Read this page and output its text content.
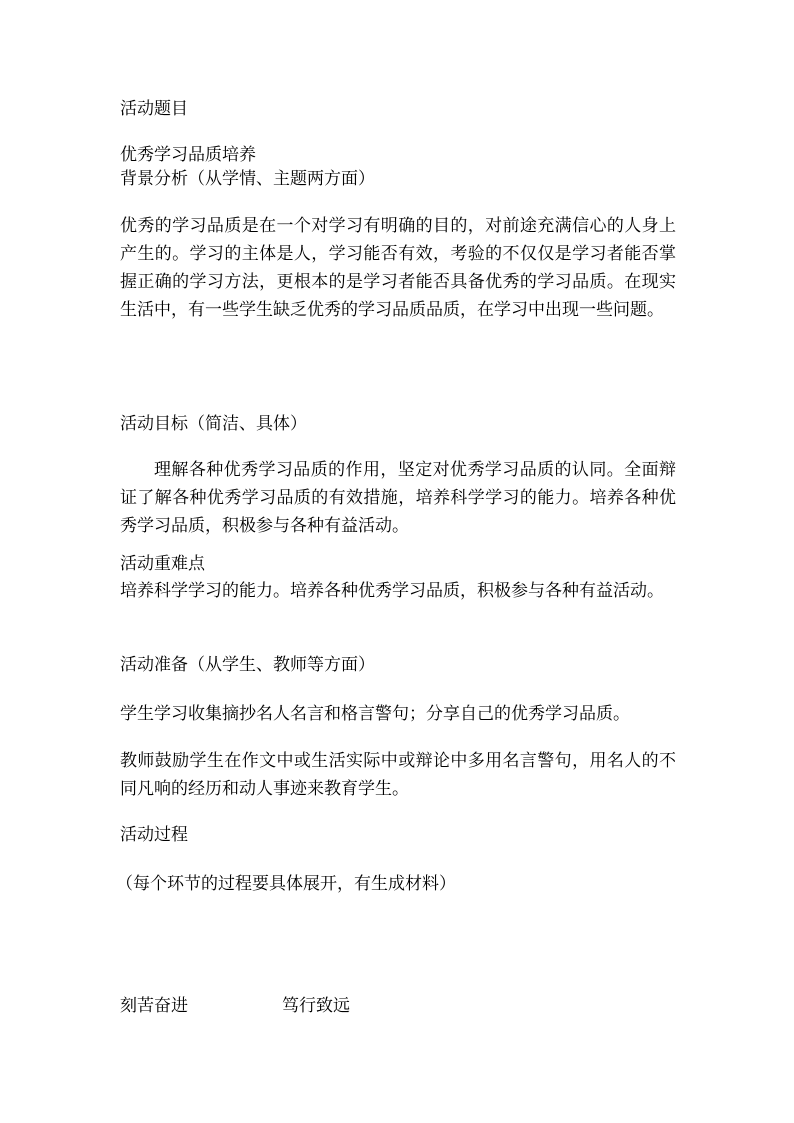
活动题目
优秀学习品质培养
背景分析（从学情、主题两方面）
优秀的学习品质是在一个对学习有明确的目的，对前途充满信心的人身上产生的。学习的主体是人，学习能否有效，考验的不仅仅是学习者能否掌握正确的学习方法，更根本的是学习者能否具备优秀的学习品质。在现实生活中，有一些学生缺乏优秀的学习品质品质，在学习中出现一些问题。
活动目标（简洁、具体）
理解各种优秀学习品质的作用，坚定对优秀学习品质的认同。全面辩证了解各种优秀学习品质的有效措施，培养科学学习的能力。培养各种优秀学习品质，积极参与各种有益活动。
活动重难点
培养科学学习的能力。培养各种优秀学习品质，积极参与各种有益活动。
活动准备（从学生、教师等方面）
学生学习收集摘抄名人名言和格言警句；分享自己的优秀学习品质。
教师鼓励学生在作文中或生活实际中或辩论中多用名言警句，用名人的不同凡响的经历和动人事迹来教育学生。
活动过程
（每个环节的过程要具体展开，有生成材料）
刻苦奋进	笃行致远
